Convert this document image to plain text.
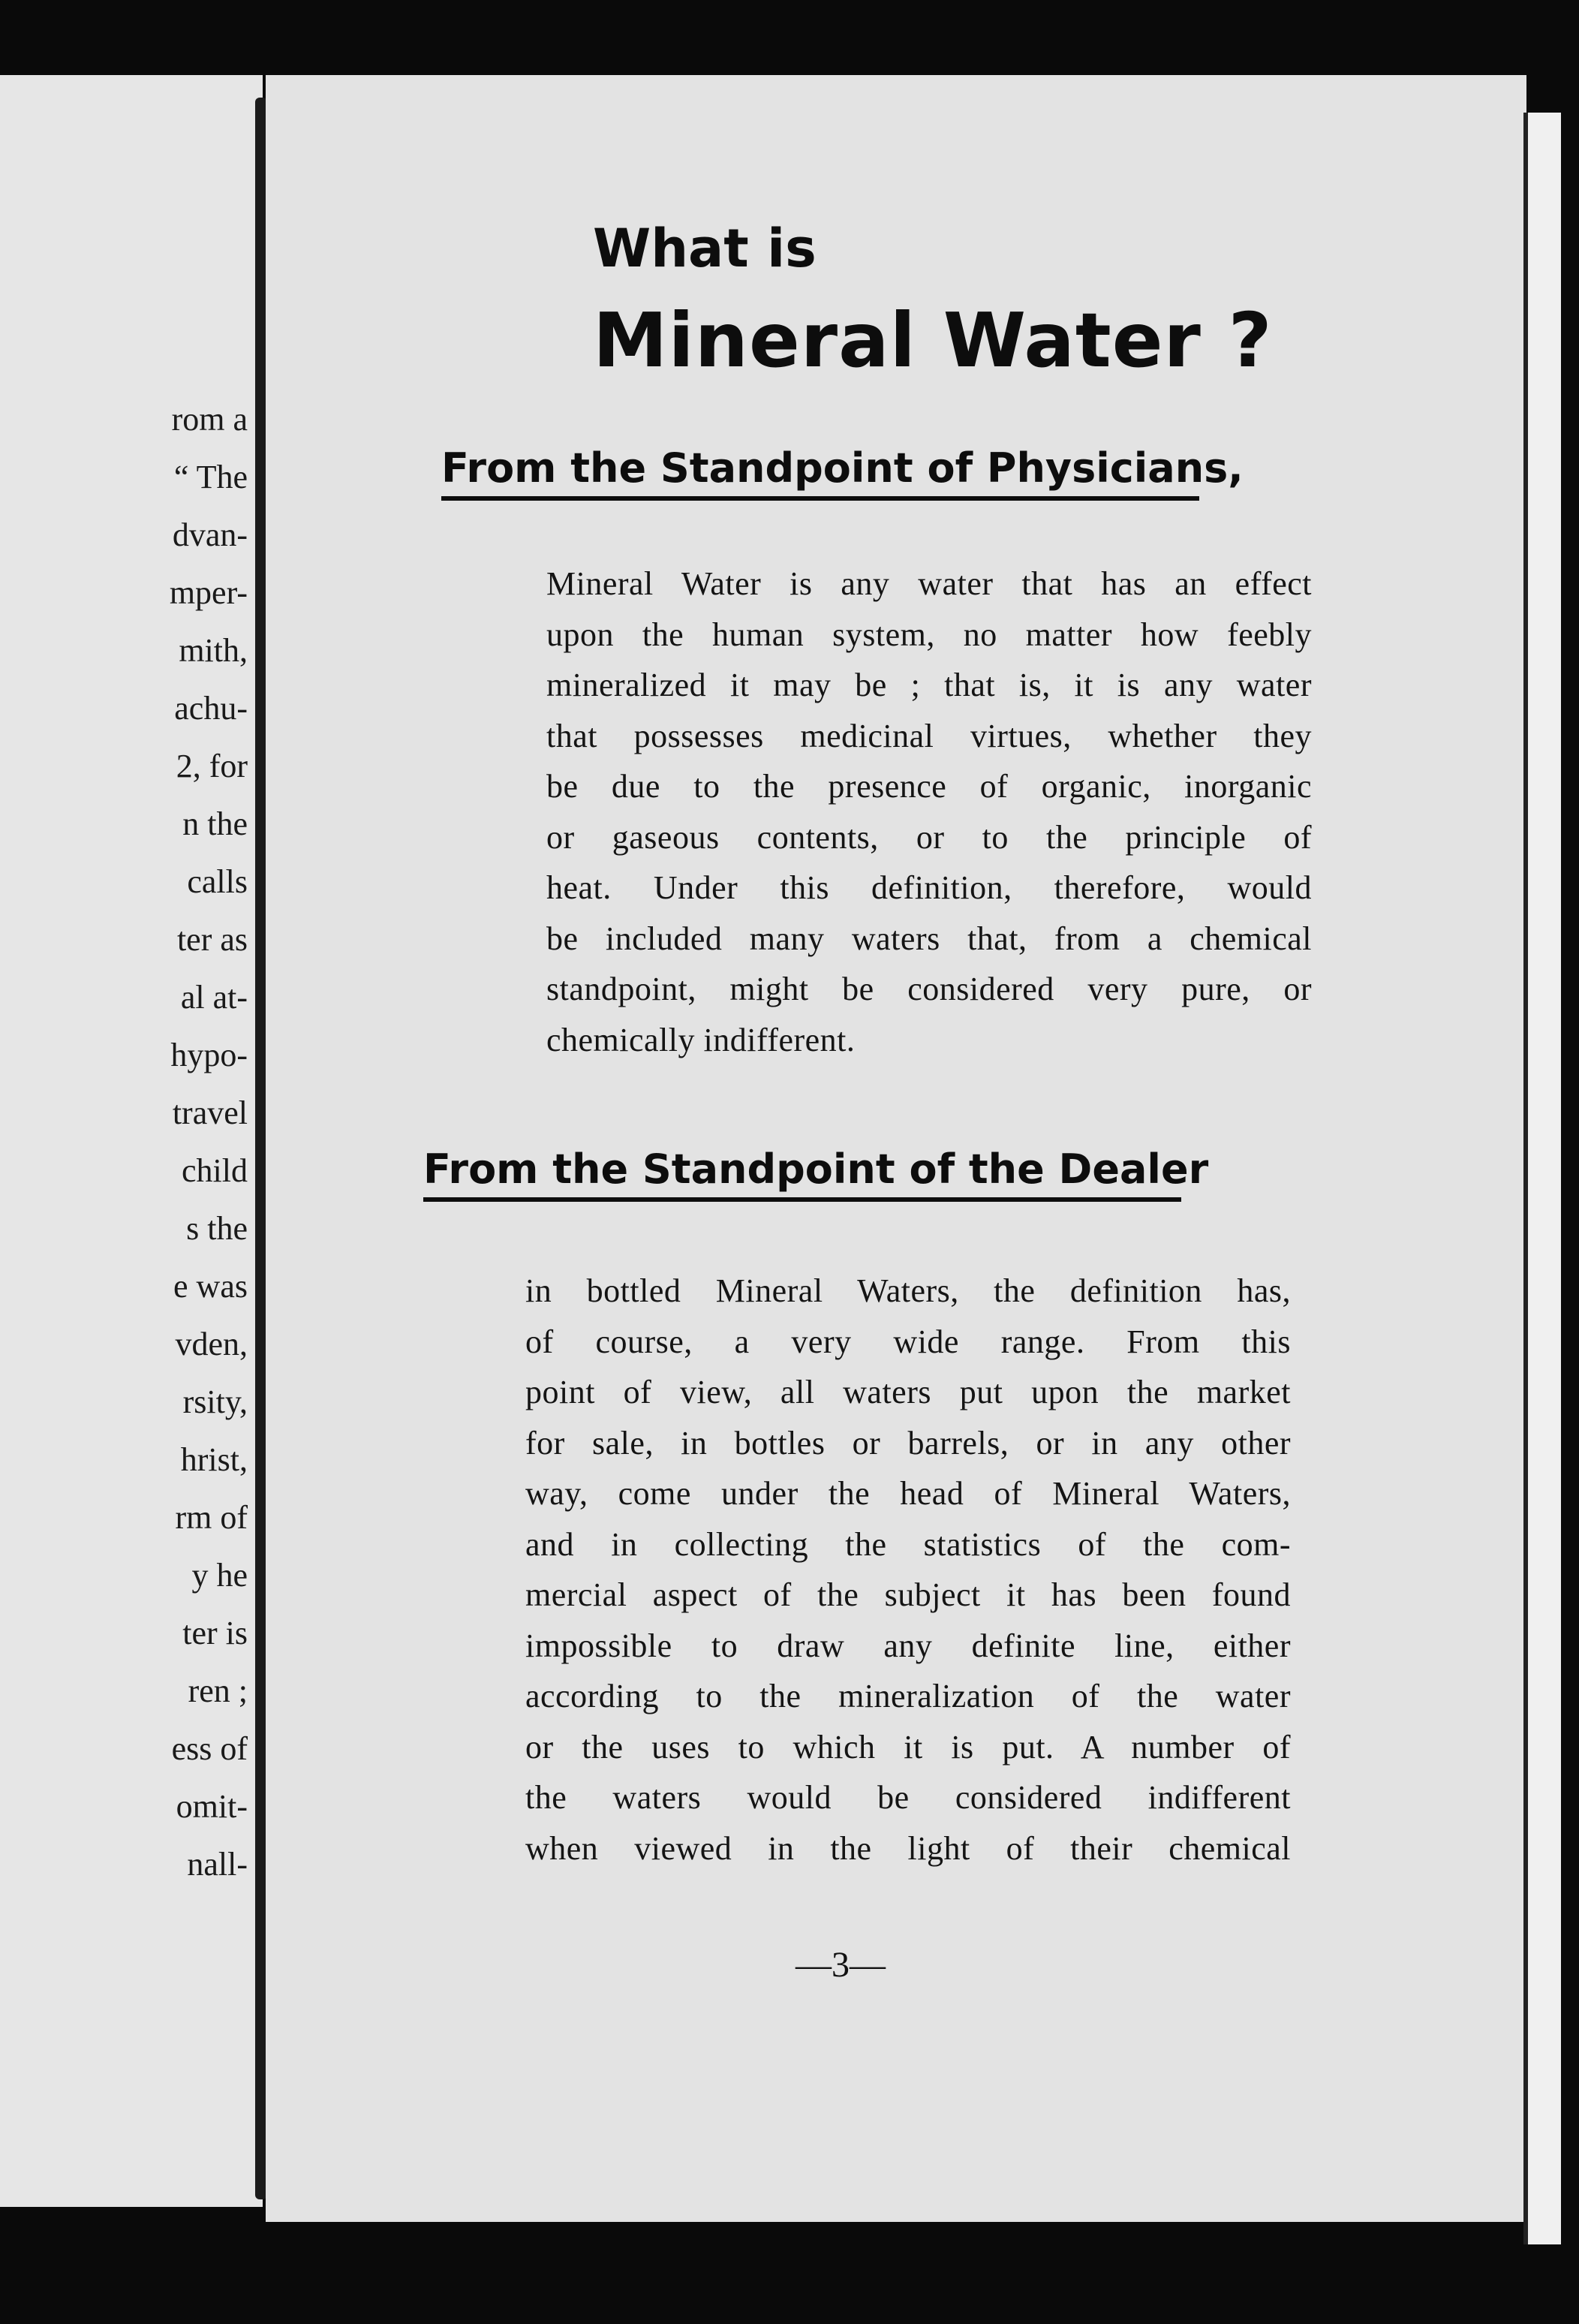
rom a
“ The
dvan-
mper-
mith,
achu-
2, for
n the
calls
ter as
al at-
hypo-
travel
child
s the
e was
vden,
rsity,
hrist,
rm of
y he
ter is
ren ;
ess of
omit-
nall-
What is
Mineral Water ?
From the Standpoint of Physicians,
Mineral Water is any water that has an effect
upon the human system, no matter how feebly
mineralized it may be ; that is, it is any water
that possesses medicinal virtues, whether they
be due to the presence of organic, inorganic
or gaseous contents, or to the principle of
heat. Under this definition, therefore, would
be included many waters that, from a chemical
standpoint, might be considered very pure, or
chemically indifferent.
From the Standpoint of the Dealer
in bottled Mineral Waters, the definition has,
of course, a very wide range. From this
point of view, all waters put upon the market
for sale, in bottles or barrels, or in any other
way, come under the head of Mineral Waters,
and in collecting the statistics of the com-
mercial aspect of the subject it has been found
impossible to draw any definite line, either
according to the mineralization of the water
or the uses to which it is put. A number of
the waters would be considered indifferent
when viewed in the light of their chemical
—3—
